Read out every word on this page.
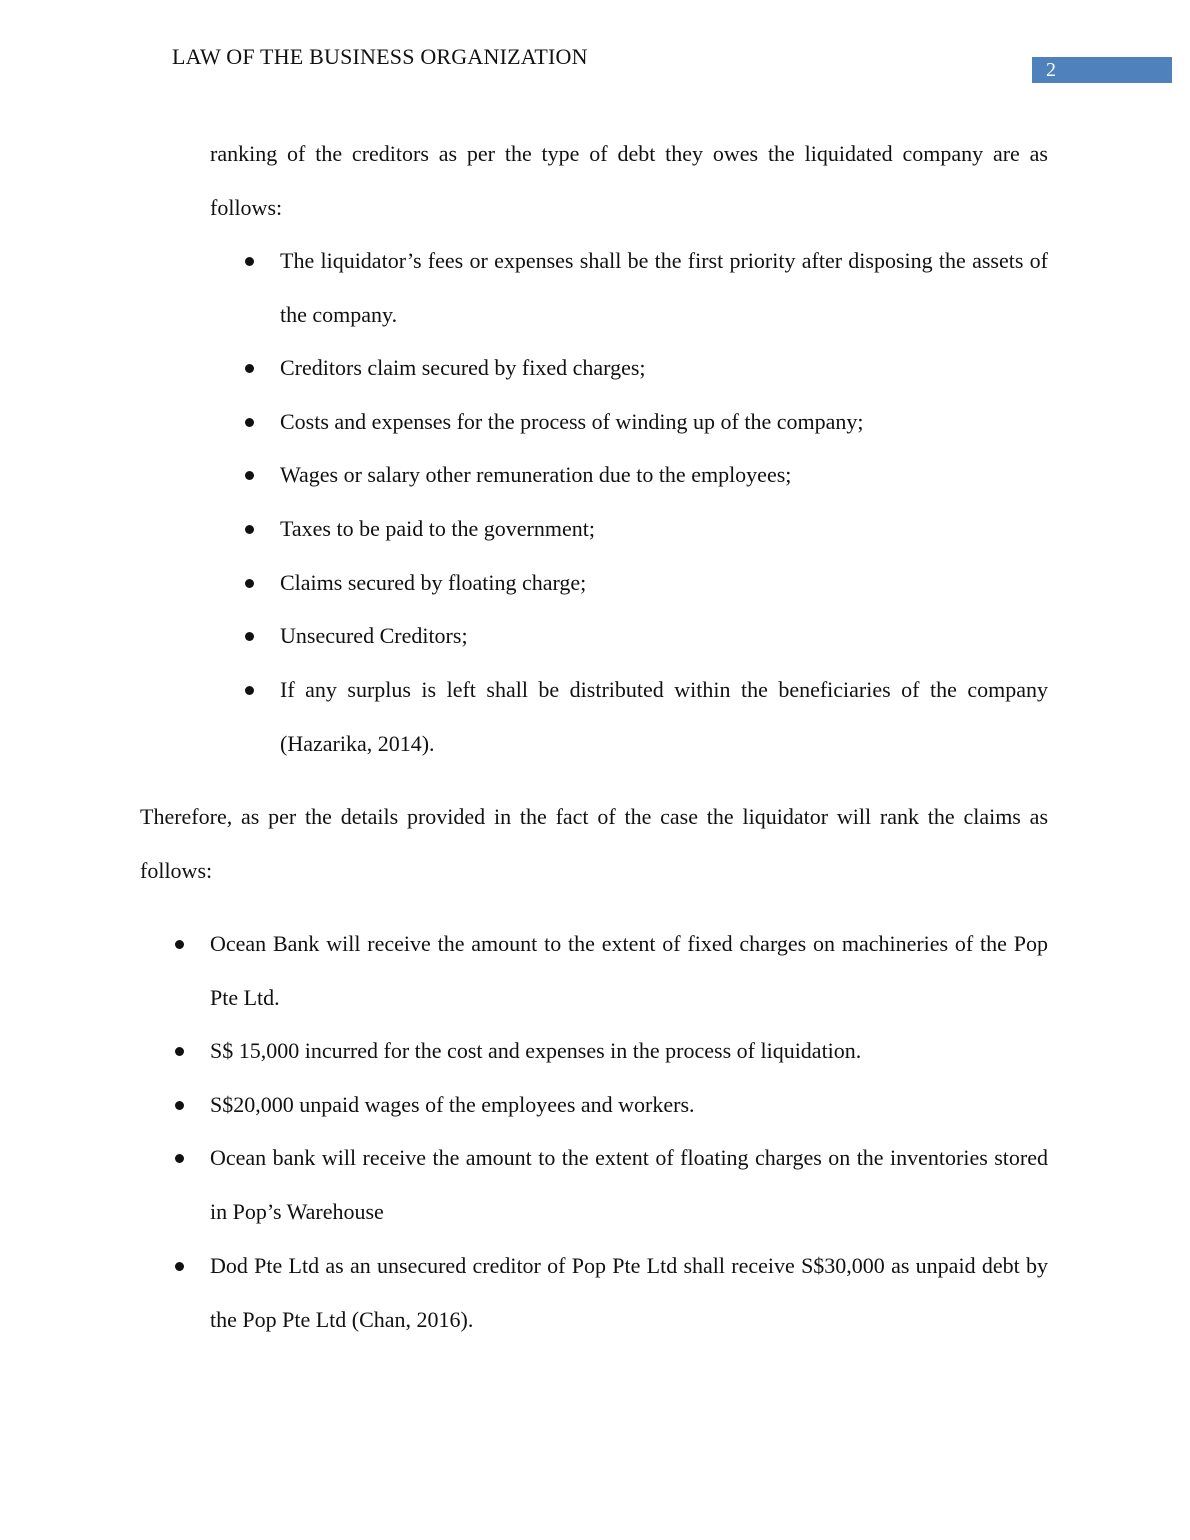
LAW OF THE BUSINESS ORGANIZATION
2

ranking of the creditors as per the type of debt they owes the liquidated company are as follows:

The liquidator’s fees or expenses shall be the first priority after disposing the assets of the company.
Creditors claim secured by fixed charges;
Costs and expenses for the process of winding up of the company;
Wages or salary other remuneration due to the employees;
Taxes to be paid to the government;
Claims secured by floating charge;
Unsecured Creditors;
If any surplus is left shall be distributed within the beneficiaries of the company (Hazarika, 2014).

Therefore, as per the details provided in the fact of the case the liquidator will rank the claims as follows:

Ocean Bank will receive the amount to the extent of fixed charges on machineries of the Pop Pte Ltd.
S$ 15,000 incurred for the cost and expenses in the process of liquidation.
S$20,000 unpaid wages of the employees and workers.
Ocean bank will receive the amount to the extent of floating charges on the inventories stored in Pop’s Warehouse
Dod Pte Ltd as an unsecured creditor of Pop Pte Ltd shall receive S$30,000 as unpaid debt by the Pop Pte Ltd (Chan, 2016).
